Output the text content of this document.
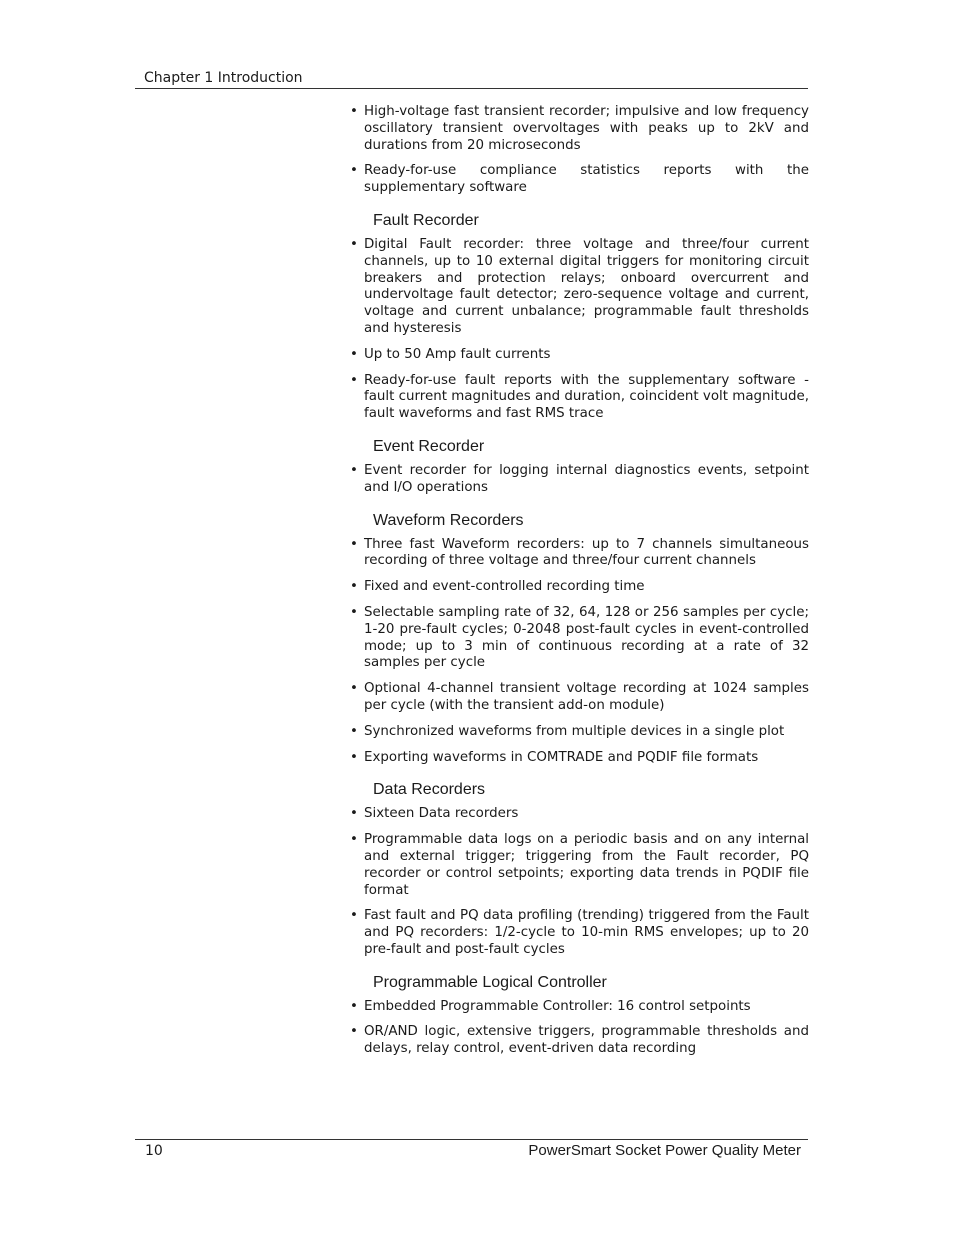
Chapter 1 Introduction
• High-voltage fast transient recorder; impulsive and low frequency oscillatory transient overvoltages with peaks up to 2kV and durations from 20 microseconds
• Ready-for-use compliance statistics reports with the supplementary software
Fault Recorder
• Digital Fault recorder: three voltage and three/four current channels, up to 10 external digital triggers for monitoring circuit breakers and protection relays; onboard overcurrent and undervoltage fault detector; zero-sequence voltage and current, voltage and current unbalance; programmable fault thresholds and hysteresis
• Up to 50 Amp fault currents
• Ready-for-use fault reports with the supplementary software - fault current magnitudes and duration, coincident volt magnitude, fault waveforms and fast RMS trace
Event Recorder
• Event recorder for logging internal diagnostics events, setpoint and I/O operations
Waveform Recorders
• Three fast Waveform recorders: up to 7 channels simultaneous recording of three voltage and three/four current channels
• Fixed and event-controlled recording time
• Selectable sampling rate of 32, 64, 128 or 256 samples per cycle; 1-20 pre-fault cycles; 0-2048 post-fault cycles in event-controlled mode; up to 3 min of continuous recording at a rate of 32 samples per cycle
• Optional 4-channel transient voltage recording at 1024 samples per cycle (with the transient add-on module)
• Synchronized waveforms from multiple devices in a single plot
• Exporting waveforms in COMTRADE and PQDIF file formats
Data Recorders
• Sixteen Data recorders
• Programmable data logs on a periodic basis and on any internal and external trigger; triggering from the Fault recorder, PQ recorder or control setpoints; exporting data trends in PQDIF file format
• Fast fault and PQ data profiling (trending) triggered from the Fault and PQ recorders: 1/2-cycle to 10-min RMS envelopes; up to 20 pre-fault and post-fault cycles
Programmable Logical Controller
• Embedded Programmable Controller: 16 control setpoints
• OR/AND logic, extensive triggers, programmable thresholds and delays, relay control, event-driven data recording
10	PowerSmart Socket Power Quality Meter
